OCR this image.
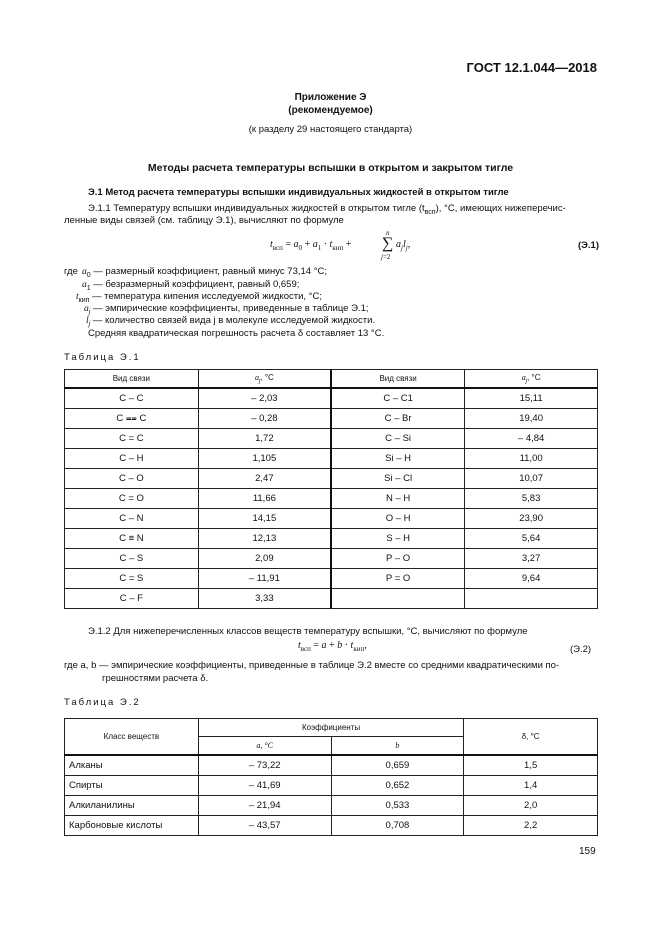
ГОСТ 12.1.044—2018
Приложение Э
(рекомендуемое)
(к разделу 29 настоящего стандарта)
Методы расчета температуры вспышки в открытом и закрытом тигле
Э.1 Метод расчета температуры вспышки индивидуальных жидкостей в открытом тигле
Э.1.1 Температуру вспышки индивидуальных жидкостей в открытом тигле $(t_{всп})$, °С, имеющих нижеперечис-
ленные виды связей (см. таблицу Э.1), вычисляют по формуле
$t_{всп} = a_0 + a_1 \cdot t_{кип}$ +
n
∑
j=2
$a_jl_j$,	(Э.1)
где $a_0$ — размерный коэффициент, равный минус 73,14 °С;
$a_1$ — безразмерный коэффициент, равный 0,659;
$t_{кип}$ — температура кипения исследуемой жидкости, °С;
$a_j$ — эмпирические коэффициенты, приведенные в таблице Э.1;
$l_j$ — количество связей вида j в молекуле исследуемой жидкости.
Средняя квадратическая погрешность расчета δ составляет 13 °С.
Таблица Э.1
Вид связи	$a_j$, °С	Вид связи	$a_j$, °С
C – C	– 2,03	C – C1	15,11
C ⩵ C	– 0,28	C – Br	19,40
C = C	1,72	C – Si	– 4,84
C – H	1,105	Si – H	11,00
C – O	2,47	Si – Cl	10,07
C = O	11,66	N – H	5,83
C – N	14,15	O – H	23,90
C ≡ N	12,13	S – H	5,64
C – S	2,09	P – O	3,27
C = S	– 11,91	P = O	9,64
C – F	3,33		
Э.1.2 Для нижеперечисленных классов веществ температуру вспышки, °С, вычисляют по формуле
$t_{всп} = a + b \cdot t_{кип}$,	(Э.2)
где a, b — эмпирические коэффициенты, приведенные в таблице Э.2 вместе со средними квадратическими по-
грешностями расчета δ.
Таблица Э.2
Класс веществ	Коэффициенты		δ, °С
	a, °С	b	
Алканы	– 73,22	0,659	1,5
Спирты	– 41,69	0,652	1,4
Алкиланилины	– 21,94	0,533	2,0
Карбоновые кислоты	– 43,57	0,708	2,2
159
